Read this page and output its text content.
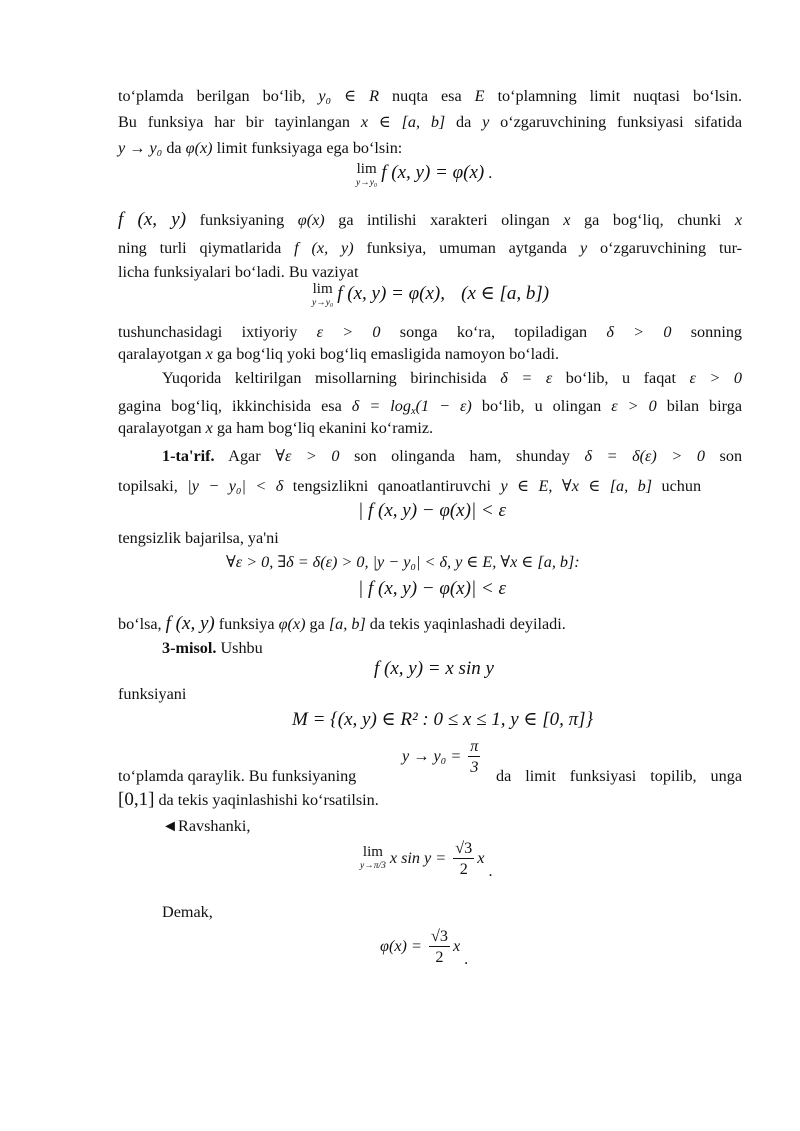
to‘plamda berilgan bo‘lib, y₀ ∈ R nuqta esa E to‘plamning limit nuqtasi bo‘lsin.
Bu funksiya har bir tayinlangan x ∈ [a, b] da y o‘zgaruvchining funksiyasi sifatida
y → y₀ da φ(x) limit funksiyaga ega bo‘lsin:
lim
y→y₀ f (x, y) = φ(x) .
f (x, y) funksiyaning φ(x) ga intilishi xarakteri olingan x ga bog‘liq, chunki x
ning turli qiymatlarida f (x, y) funksiya, umuman aytganda y o‘zgaruvchining tur-
licha funksiyalari bo‘ladi. Bu vaziyat
lim
y→y₀ f (x, y) = φ(x), (x ∈ [a, b])
tushunchasidagi ixtiyoriy ε > 0 songa ko‘ra, topiladigan δ > 0 sonning
qaralayotgan x ga bog‘liq yoki bog‘liq emasligida namoyon bo‘ladi.
Yuqorida keltirilgan misollarning birinchisida δ = ε bo‘lib, u faqat ε > 0
gagina bog‘liq, ikkinchisida esa $\delta = \log_x(1 - \varepsilon)$ bo‘lib, u olingan ε > 0 bilan birga
qaralayotgan x ga ham bog‘liq ekanini ko‘ramiz.
1-ta'rif. Agar ∀ε > 0 son olinganda ham, shunday δ = δ(ε) > 0 son
topilsaki, |y − y₀| < δ tengsizlikni qanoatlantiruvchi y ∈ E, ∀x ∈ [a, b] uchun
| f (x, y) − φ(x)| < ε
tengsizlik bajarilsa, ya'ni
∀ε > 0, ∃δ = δ(ε) > 0, |y − y₀| < δ, y ∈ E, ∀x ∈ [a, b]:
| f (x, y) − φ(x)| < ε
bo‘lsa, f (x, y) funksiya φ(x) ga [a, b] da tekis yaqinlashadi deyiladi.
3-misol. Ushbu
f (x, y) = x sin y
funksiyani
M = {(x, y) ∈ R² : 0 ≤ x ≤ 1, y ∈ [0, π]}
$y \to y_0 = \frac{\pi}{3}$
to‘plamda qaraylik. Bu funksiyaning	da limit funksiyasi topilib, unga
[0,1] da tekis yaqinlashishi ko‘rsatilsin.
◄Ravshanki,
lim
y→π/3 x $\sin y = \frac{√3}{2}$ x .
Demak,
$\varphi(x) = \frac{√3}{2}$ x .
